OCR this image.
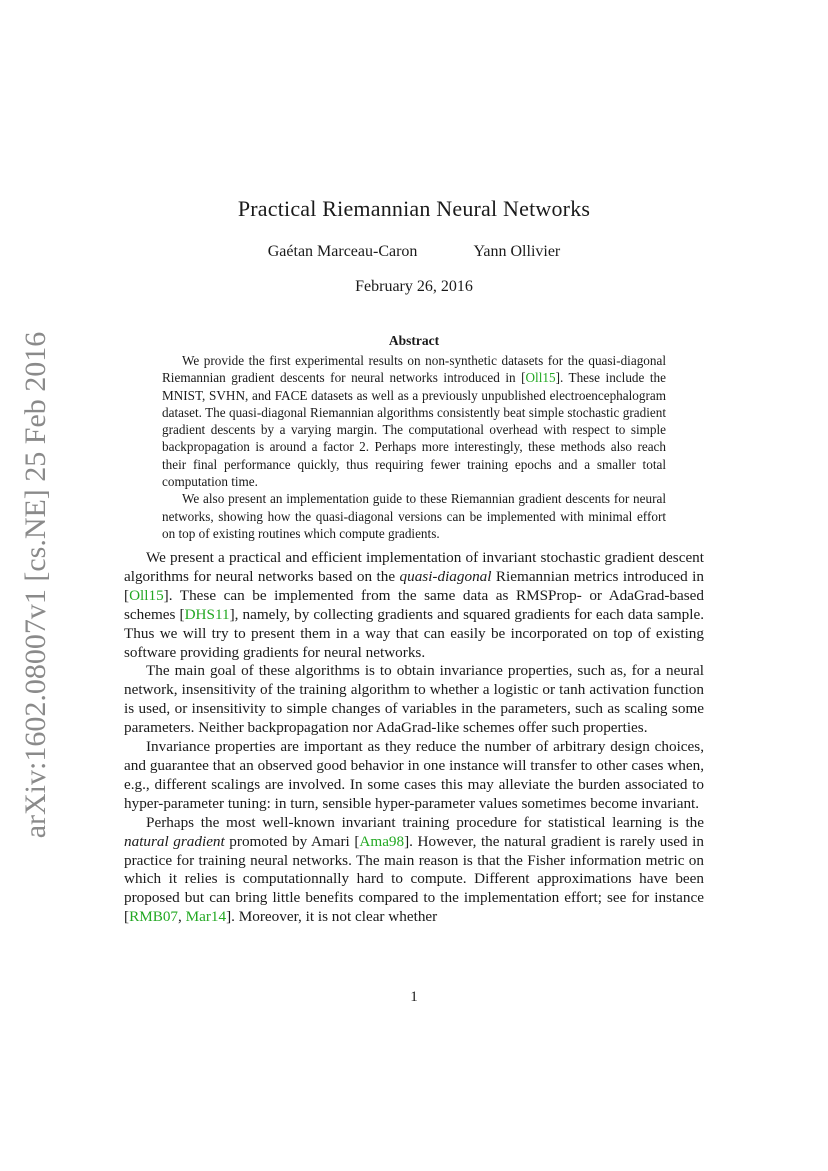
arXiv:1602.08007v1 [cs.NE] 25 Feb 2016
Practical Riemannian Neural Networks
Gaétan Marceau-Caron	Yann Ollivier
February 26, 2016
Abstract

We provide the first experimental results on non-synthetic datasets for the quasi-diagonal Riemannian gradient descents for neural networks introduced in [Oll15]. These include the MNIST, SVHN, and FACE datasets as well as a previously unpublished electroencephalogram dataset. The quasi-diagonal Riemannian algorithms consistently beat simple stochastic gradient gradient descents by a varying margin. The computational overhead with respect to simple backpropagation is around a factor 2. Perhaps more interestingly, these methods also reach their final performance quickly, thus requiring fewer training epochs and a smaller total computation time.

We also present an implementation guide to these Riemannian gradient descents for neural networks, showing how the quasi-diagonal versions can be implemented with minimal effort on top of existing routines which compute gradients.

We present a practical and efficient implementation of invariant stochastic gradient descent algorithms for neural networks based on the quasi-diagonal Riemannian metrics introduced in [Oll15]. These can be implemented from the same data as RMSProp- or AdaGrad-based schemes [DHS11], namely, by collecting gradients and squared gradients for each data sample. Thus we will try to present them in a way that can easily be incorporated on top of existing software providing gradients for neural networks.

The main goal of these algorithms is to obtain invariance properties, such as, for a neural network, insensitivity of the training algorithm to whether a logistic or tanh activation function is used, or insensitivity to simple changes of variables in the parameters, such as scaling some parameters. Neither backpropagation nor AdaGrad-like schemes offer such properties.

Invariance properties are important as they reduce the number of arbitrary design choices, and guarantee that an observed good behavior in one instance will transfer to other cases when, e.g., different scalings are involved. In some cases this may alleviate the burden associated to hyper-parameter tuning: in turn, sensible hyper-parameter values sometimes become invariant.

Perhaps the most well-known invariant training procedure for statistical learning is the natural gradient promoted by Amari [Ama98]. However, the natural gradient is rarely used in practice for training neural networks. The main reason is that the Fisher information metric on which it relies is computationnally hard to compute. Different approximations have been proposed but can bring little benefits compared to the implementation effort; see for instance [RMB07, Mar14]. Moreover, it is not clear whether

1
